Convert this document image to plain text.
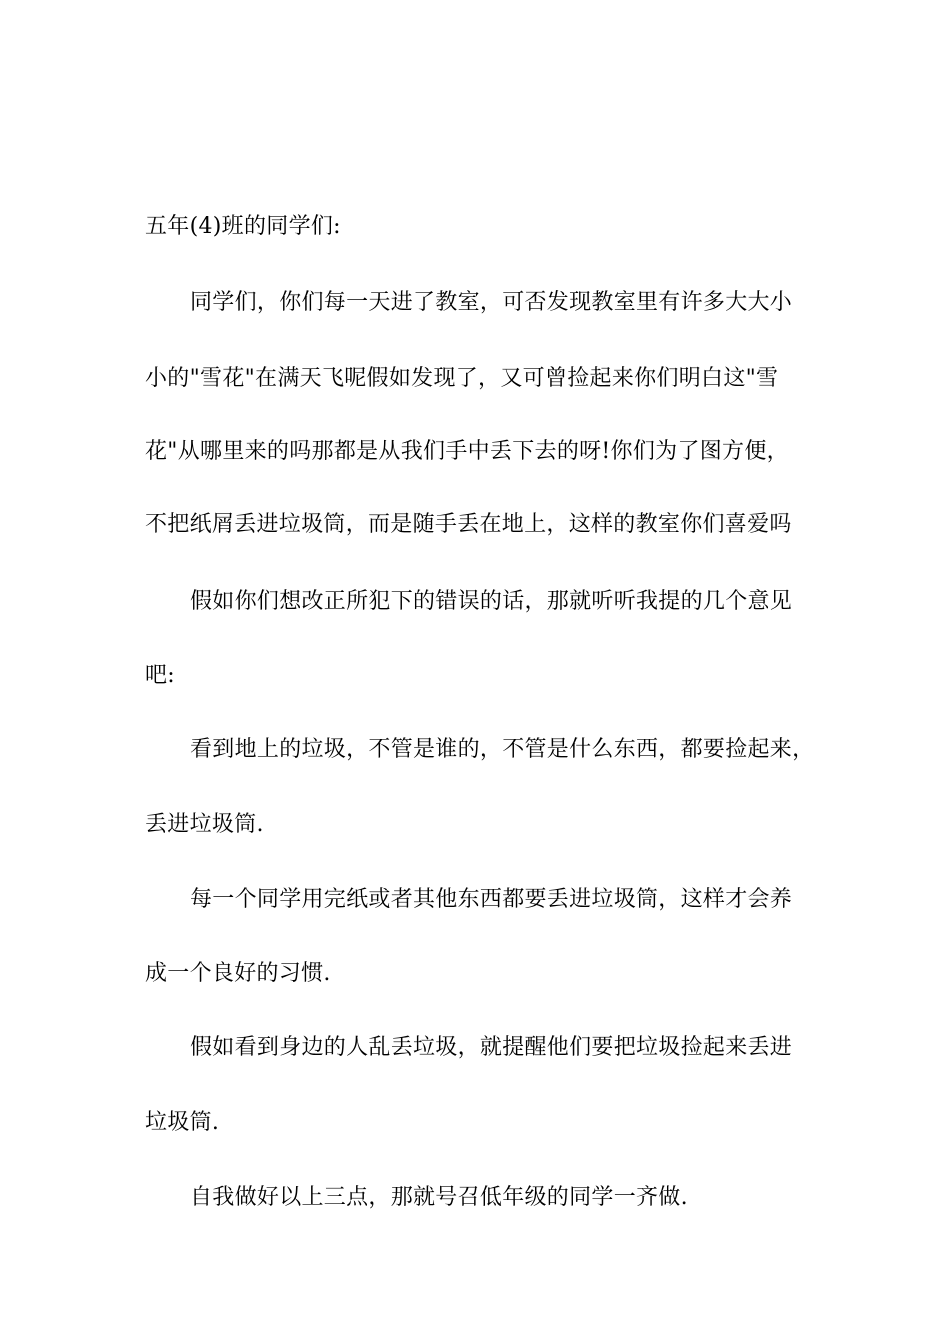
五年(4)班的同学们:
同学们，你们每一天进了教室，可否发现教室里有许多大大小
小的"雪花"在满天飞呢假如发现了，又可曾捡起来你们明白这"雪
花"从哪里来的吗那都是从我们手中丢下去的呀!你们为了图方便，
不把纸屑丢进垃圾筒，而是随手丢在地上，这样的教室你们喜爱吗
假如你们想改正所犯下的错误的话，那就听听我提的几个意见
吧:
看到地上的垃圾，不管是谁的，不管是什么东西，都要捡起来，
丢进垃圾筒.
每一个同学用完纸或者其他东西都要丢进垃圾筒，这样才会养
成一个良好的习惯.
假如看到身边的人乱丢垃圾，就提醒他们要把垃圾捡起来丢进
垃圾筒.
自我做好以上三点，那就号召低年级的同学一齐做.
